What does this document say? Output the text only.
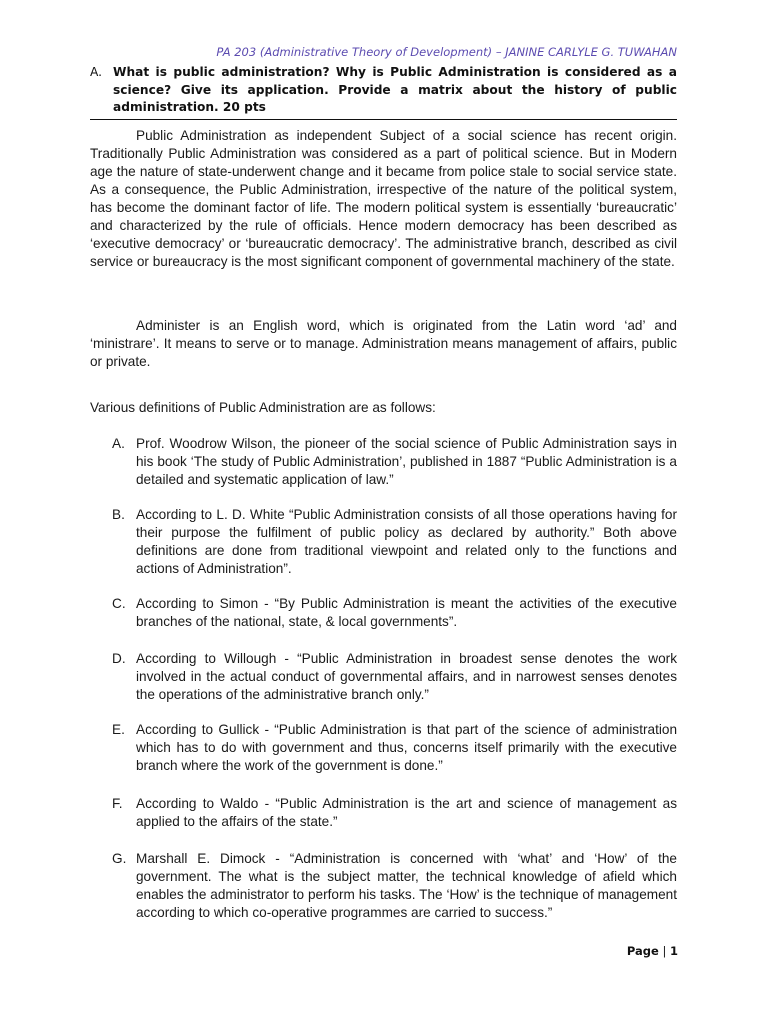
PA 203 (Administrative Theory of Development) – JANINE CARLYLE G. TUWAHAN
A. What is public administration? Why is Public Administration is considered as a science? Give its application. Provide a matrix about the history of public administration. 20 pts

Public Administration as independent Subject of a social science has recent origin. Traditionally Public Administration was considered as a part of political science. But in Modern age the nature of state-underwent change and it became from police stale to social service state. As a consequence, the Public Administration, irrespective of the nature of the political system, has become the dominant factor of life. The modern political system is essentially ‘bureaucratic’ and characterized by the rule of officials. Hence modern democracy has been described as ‘executive democracy’ or ‘bureaucratic democracy’. The administrative branch, described as civil service or bureaucracy is the most significant component of governmental machinery of the state.

Administer is an English word, which is originated from the Latin word ‘ad’ and ‘ministrare’. It means to serve or to manage. Administration means management of affairs, public or private.

Various definitions of Public Administration are as follows:

A. Prof. Woodrow Wilson, the pioneer of the social science of Public Administration says in his book ‘The study of Public Administration’, published in 1887 “Public Administration is a detailed and systematic application of law.”
B. According to L. D. White “Public Administration consists of all those operations having for their purpose the fulfilment of public policy as declared by authority.” Both above definitions are done from traditional viewpoint and related only to the functions and actions of Administration”.
C. According to Simon - “By Public Administration is meant the activities of the executive branches of the national, state, & local governments”.
D. According to Willough - “Public Administration in broadest sense denotes the work involved in the actual conduct of governmental affairs, and in narrowest senses denotes the operations of the administrative branch only.”
E. According to Gullick - “Public Administration is that part of the science of administration which has to do with government and thus, concerns itself primarily with the executive branch where the work of the government is done.”
F. According to Waldo - “Public Administration is the art and science of management as applied to the affairs of the state.”
G. Marshall E. Dimock - “Administration is concerned with ‘what’ and ‘How’ of the government. The what is the subject matter, the technical knowledge of afield which enables the administrator to perform his tasks. The ‘How’ is the technique of management according to which co-operative programmes are carried to success.”
Page | 1
